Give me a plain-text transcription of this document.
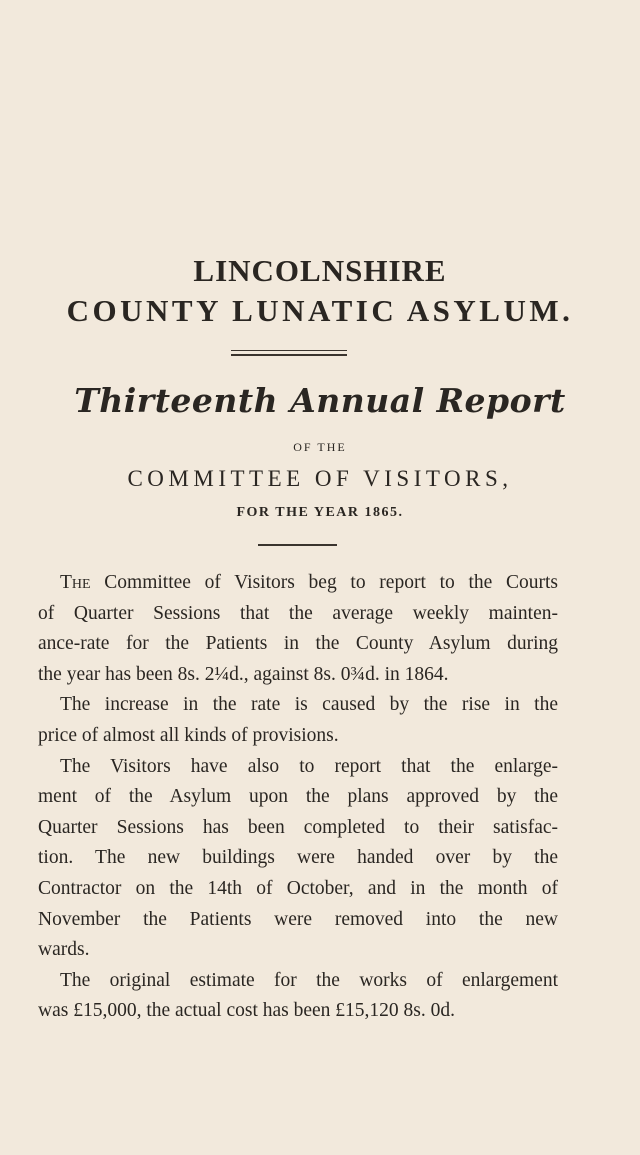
LINCOLNSHIRE
COUNTY LUNATIC ASYLUM.
Thirteenth Annual Report
OF THE
COMMITTEE OF VISITORS,
FOR THE YEAR 1865.
The Committee of Visitors beg to report to the Courts
of Quarter Sessions that the average weekly mainten-
ance-rate for the Patients in the County Asylum during
the year has been 8s. 2¼d., against 8s. 0¾d. in 1864.
The increase in the rate is caused by the rise in the
price of almost all kinds of provisions.
The Visitors have also to report that the enlarge-
ment of the Asylum upon the plans approved by the
Quarter Sessions has been completed to their satisfac-
tion. The new buildings were handed over by the
Contractor on the 14th of October, and in the month of
November the Patients were removed into the new
wards.
The original estimate for the works of enlargement
was £15,000, the actual cost has been £15,120 8s. 0d.
